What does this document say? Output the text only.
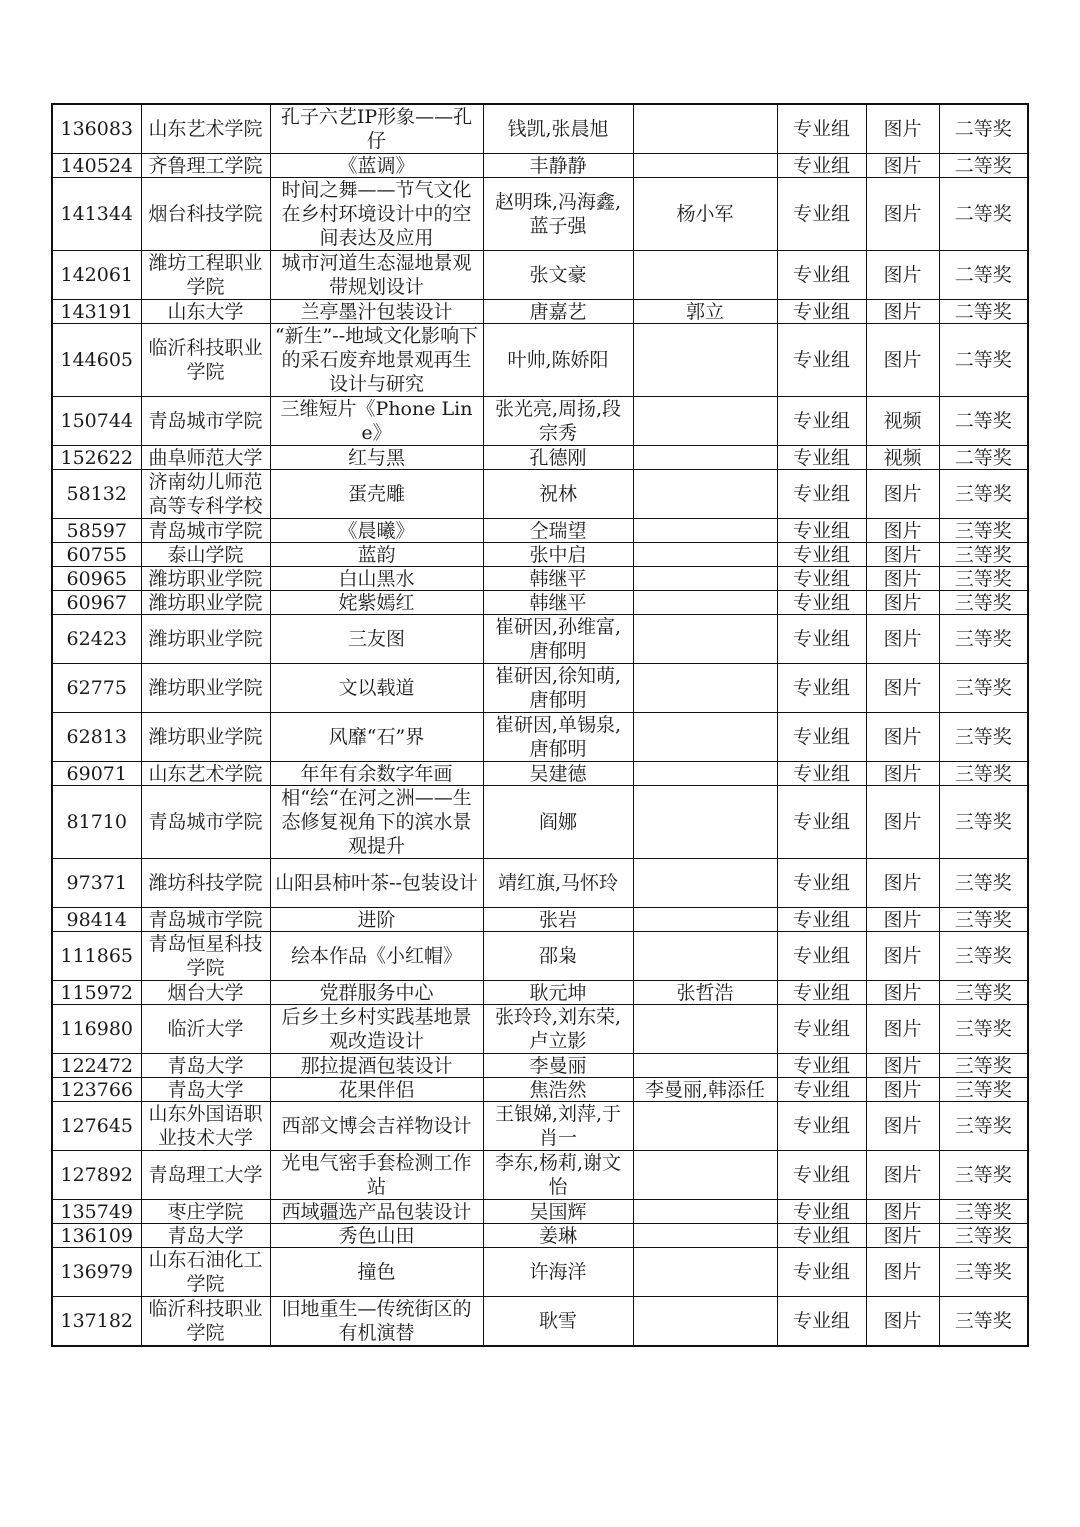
136083	山东艺术学院	孔子六艺IP形象——孔仔	钱凯,张晨旭		专业组	图片	二等奖
140524	齐鲁理工学院	《蓝调》	丰静静		专业组	图片	二等奖
141344	烟台科技学院	时间之舞——节气文化在乡村环境设计中的空间表达及应用	赵明珠,冯海鑫,蓝子强	杨小军	专业组	图片	二等奖
142061	潍坊工程职业学院	城市河道生态湿地景观带规划设计	张文豪		专业组	图片	二等奖
143191	山东大学	兰亭墨汁包装设计	唐嘉艺	郭立	专业组	图片	二等奖
144605	临沂科技职业学院	“新生”--地域文化影响下的采石废弃地景观再生设计与研究	叶帅,陈娇阳		专业组	图片	二等奖
150744	青岛城市学院	三维短片《Phone Line》	张光亮,周扬,段宗秀		专业组	视频	二等奖
152622	曲阜师范大学	红与黑	孔德刚		专业组	视频	二等奖
58132	济南幼儿师范高等专科学校	蛋壳雕	祝林		专业组	图片	三等奖
58597	青岛城市学院	《晨曦》	仝瑞望		专业组	图片	三等奖
60755	泰山学院	蓝韵	张中启		专业组	图片	三等奖
60965	潍坊职业学院	白山黑水	韩继平		专业组	图片	三等奖
60967	潍坊职业学院	姹紫嫣红	韩继平		专业组	图片	三等奖
62423	潍坊职业学院	三友图	崔研因,孙维富,唐郁明		专业组	图片	三等奖
62775	潍坊职业学院	文以载道	崔研因,徐知萌,唐郁明		专业组	图片	三等奖
62813	潍坊职业学院	风靡“石”界	崔研因,单锡泉,唐郁明		专业组	图片	三等奖
69071	山东艺术学院	年年有余数字年画	吴建德		专业组	图片	三等奖
81710	青岛城市学院	相“绘“在河之洲——生态修复视角下的滨水景观提升	阎娜		专业组	图片	三等奖
97371	潍坊科技学院	山阳县柿叶茶--包装设计	靖红旗,马怀玲		专业组	图片	三等奖
98414	青岛城市学院	进阶	张岩		专业组	图片	三等奖
111865	青岛恒星科技学院	绘本作品《小红帽》	邵枭		专业组	图片	三等奖
115972	烟台大学	党群服务中心	耿元坤	张哲浩	专业组	图片	三等奖
116980	临沂大学	后乡土乡村实践基地景观改造设计	张玲玲,刘东荣,卢立影		专业组	图片	三等奖
122472	青岛大学	那拉提酒包装设计	李曼丽		专业组	图片	三等奖
123766	青岛大学	花果伴侣	焦浩然	李曼丽,韩添任	专业组	图片	三等奖
127645	山东外国语职业技术大学	西部文博会吉祥物设计	王银娣,刘萍,于肖一		专业组	图片	三等奖
127892	青岛理工大学	光电气密手套检测工作站	李东,杨莉,谢文怡		专业组	图片	三等奖
135749	枣庄学院	西域疆选产品包装设计	吴国辉		专业组	图片	三等奖
136109	青岛大学	秀色山田	姜琳		专业组	图片	三等奖
136979	山东石油化工学院	撞色	许海洋		专业组	图片	三等奖
137182	临沂科技职业学院	旧地重生—传统街区的有机演替	耿雪		专业组	图片	三等奖
